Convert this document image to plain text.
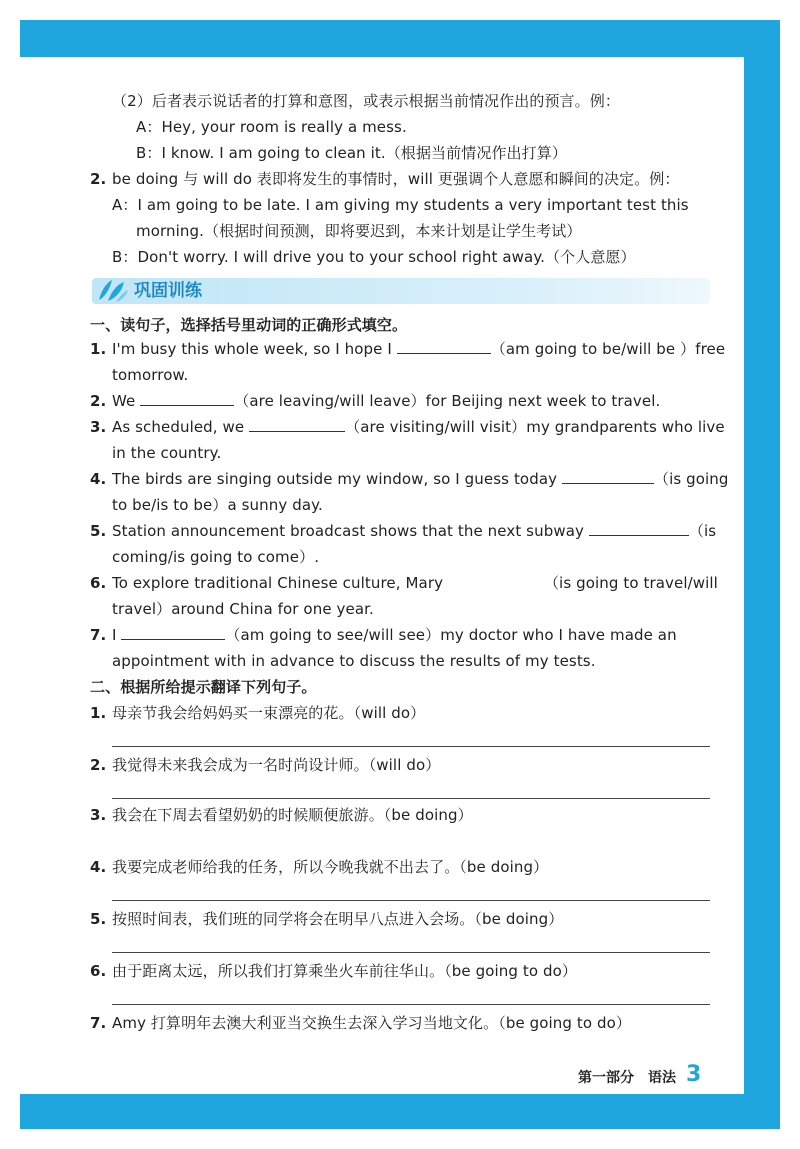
（2）后者表示说话者的打算和意图，或表示根据当前情况作出的预言。例：
A：Hey, your room is really a mess.
B：I know. I am going to clean it.（根据当前情况作出打算）
2. be doing 与 will do 表即将发生的事情时，will 更强调个人意愿和瞬间的决定。例：
A：I am going to be late. I am giving my students a very important test this
morning.（根据时间预测，即将要迟到，本来计划是让学生考试）
B：Don't worry. I will drive you to your school right away.（个人意愿）
巩固训练
一、读句子，选择括号里动词的正确形式填空。
1. I'm busy this whole week, so I hope I	（am going to be/will be ）free
tomorrow.
2. We	（are leaving/will leave）for Beijing next week to travel.
3. As scheduled, we	（are visiting/will visit）my grandparents who live
in the country.
4. The birds are singing outside my window, so I guess today	（is going
to be/is to be）a sunny day.
5. Station announcement broadcast shows that the next subway	（is
coming/is going to come）.
6. To explore traditional Chinese culture, Mary	（is going to travel/will
travel）around China for one year.
7. I	（am going to see/will see）my doctor who I have made an
appointment with in advance to discuss the results of my tests.
二、根据所给提示翻译下列句子。
1. 母亲节我会给妈妈买一束漂亮的花。（will do）
2. 我觉得未来我会成为一名时尚设计师。（will do）
3. 我会在下周去看望奶奶的时候顺便旅游。（be doing）
4. 我要完成老师给我的任务，所以今晚我就不出去了。（be doing）
5. 按照时间表，我们班的同学将会在明早八点进入会场。（be doing）
6. 由于距离太远，所以我们打算乘坐火车前往华山。（be going to do）
7. Amy 打算明年去澳大利亚当交换生去深入学习当地文化。（be going to do）
第一部分　语法 3
